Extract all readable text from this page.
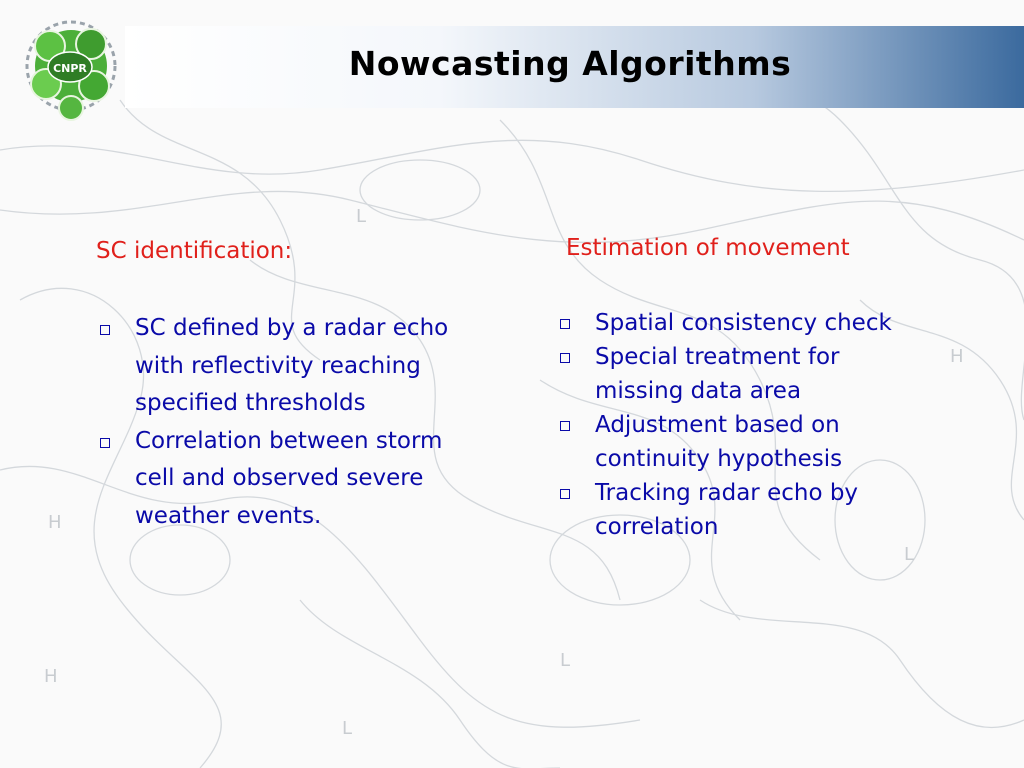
L
H
H
H
L
L
L
CNPR	Nowcasting Algorithms
SC identification:	Estimation of movement
SC defined by a radar echo with reflectivity reaching specified thresholds
Correlation between storm cell and observed severe weather events.
Spatial consistency check
Special treatment for missing data area
Adjustment based on continuity hypothesis
Tracking radar echo by correlation
